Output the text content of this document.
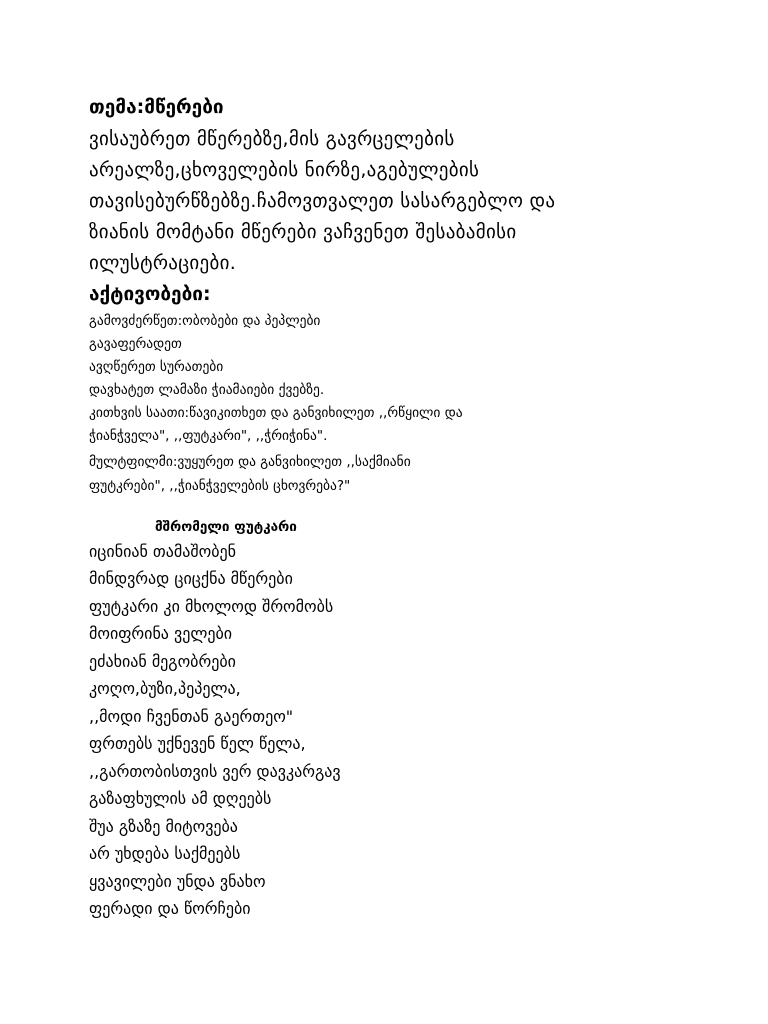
თემა:მწერები

ვისაუბრეთ მწერებზე,მის გავრცელების

არეალზე,ცხოველების ნირზე,აგებულების

თავისებურწზებზე.ჩამოვთვალეთ სასარგებლო და

ზიანის მომტანი მწერები ვაჩვენეთ შესაბამისი

ილუსტრაციები.

აქტივობები:

გამოვძერწეთ:ობობები და პეპლები

გავაფერადეთ

ავღწერეთ სურათები

დავხატეთ ლამაზი ჭიამაიები ქვებზე.

კითხვის საათი:წავიკითხეთ და განვიხილეთ ,,რწყილი და

ჭიანჭველა", ,,ფუტკარი", ,,ჭრიჭინა".

მულტფილმი:ვუყურეთ და განვიხილეთ ,,საქმიანი

ფუტკრები", ,,ჭიანჭველების ცხოვრება?"

მშრომელი ფუტკარი

იცინიან თამაშობენ

მინდვრად ციცქნა მწერები

ფუტკარი კი მხოლოდ შრომობს

მოიფრინა ველები

ეძახიან მეგობრები

კოღო,ბუზი,პეპელა,

,,მოდი ჩვენთან გაერთეო"

ფრთებს უქნევენ წელ წელა,

,,გართობისთვის ვერ დავკარგავ

გაზაფხულის ამ დღეებს

შუა გზაზე მიტოვება

არ უხდება საქმეებს

ყვავილები უნდა ვნახო

ფერადი და წორჩები
